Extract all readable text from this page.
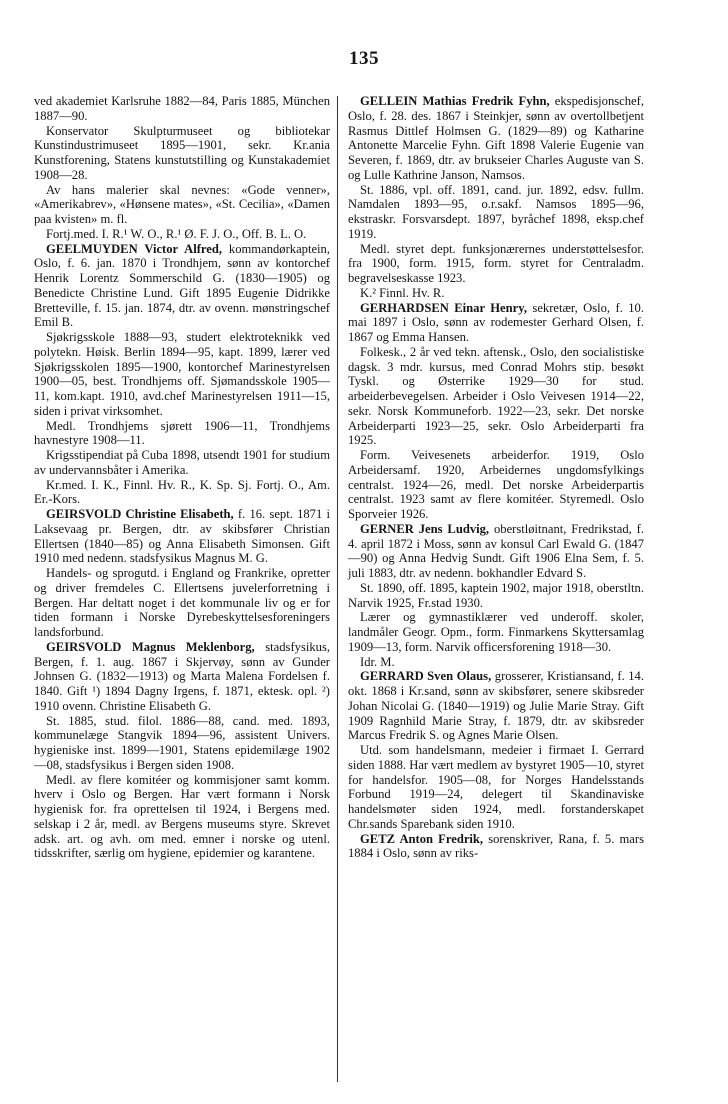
135

ved akademiet Karlsruhe 1882—84, Paris 1885, München 1887—90.

Konservator Skulpturmuseet og bibliotekar Kunstindustrimuseet 1895—1901, sekr. Kr.ania Kunstforening, Statens kunstutstilling og Kunstakademiet 1908—28.

Av hans malerier skal nevnes: «Gode venner», «Amerikabrev», «Hønsene mates», «St. Cecilia», «Damen paa kvisten» m. fl.

Fortj.med. I. R.¹ W. O., R.¹ Ø. F. J. O., Off. B. L. O.

GEELMUYDEN Victor Alfred, kommandørkaptein, Oslo, f. 6. jan. 1870 i Trondhjem, sønn av kontorchef Henrik Lorentz Sommerschild G. (1830—1905) og Benedicte Christine Lund. Gift 1895 Eugenie Didrikke Bretteville, f. 15. jan. 1874, dtr. av ovenn. mønstringschef Emil B.

Sjøkrigsskole 1888—93, studert elektroteknikk ved polytekn. Høisk. Berlin 1894—95, kapt. 1899, lærer ved Sjøkrigsskolen 1895—1900, kontorchef Marinestyrelsen 1900—05, best. Trondhjems off. Sjømandsskole 1905—11, kom.kapt. 1910, avd.chef Marinestyrelsen 1911—15, siden i privat virksomhet.

Medl. Trondhjems sjørett 1906—11, Trondhjems havnestyre 1908—11.

Krigsstipendiat på Cuba 1898, utsendt 1901 for studium av undervannsbåter i Amerika.

Kr.med. I. K., Finnl. Hv. R., K. Sp. Sj. Fortj. O., Am. Er.-Kors.

GEIRSVOLD Christine Elisabeth, f. 16. sept. 1871 i Laksevaag pr. Bergen, dtr. av skibsfører Christian Ellertsen (1840—85) og Anna Elisabeth Simonsen. Gift 1910 med nedenn. stadsfysikus Magnus M. G.

Handels- og sprogutd. i England og Frankrike, opretter og driver fremdeles C. Ellertsens juvelerforretning i Bergen. Har deltatt noget i det kommunale liv og er for tiden formann i Norske Dyrebeskyttelsesforeningers landsforbund.

GEIRSVOLD Magnus Meklenborg, stadsfysikus, Bergen, f. 1. aug. 1867 i Skjervøy, sønn av Gunder Johnsen G. (1832—1913) og Marta Malena Fordelsen f. 1840. Gift ¹) 1894 Dagny Irgens, f. 1871, ektesk. opl. ²) 1910 ovenn. Christine Elisabeth G.

St. 1885, stud. filol. 1886—88, cand. med. 1893, kommunelæge Stangvik 1894—96, assistent Univers. hygieniske inst. 1899—1901, Statens epidemilæge 1902—08, stadsfysikus i Bergen siden 1908.

Medl. av flere komitéer og kommisjoner samt komm. hverv i Oslo og Bergen. Har vært formann i Norsk hygienisk for. fra oprettelsen til 1924, i Bergens med. selskap i 2 år, medl. av Bergens museums styre. Skrevet adsk. art. og avh. om med. emner i norske og utenl. tidsskrifter, særlig om hygiene, epidemier og karantene.

GELLEIN Mathias Fredrik Fyhn, ekspedisjonschef, Oslo, f. 28. des. 1867 i Steinkjer, sønn av overtollbetjent Rasmus Dittlef Holmsen G. (1829—89) og Katharine Antonette Marcelie Fyhn. Gift 1898 Valerie Eugenie van Severen, f. 1869, dtr. av brukseier Charles Auguste van S. og Lulle Kathrine Janson, Namsos.

St. 1886, vpl. off. 1891, cand. jur. 1892, edsv. fullm. Namdalen 1893—95, o.r.sakf. Namsos 1895—96, ekstraskr. Forsvarsdept. 1897, byråchef 1898, eksp.chef 1919.

Medl. styret dept. funksjonærernes understøttelsesfor. fra 1900, form. 1915, form. styret for Centraladm. begravelseskasse 1923.

K.² Finnl. Hv. R.

GERHARDSEN Einar Henry, sekretær, Oslo, f. 10. mai 1897 i Oslo, sønn av rodemester Gerhard Olsen, f. 1867 og Emma Hansen.

Folkesk., 2 år ved tekn. aftensk., Oslo, den socialistiske dagsk. 3 mdr. kursus, med Conrad Mohrs stip. besøkt Tyskl. og Østerrike 1929—30 for stud. arbeiderbevegelsen. Arbeider i Oslo Veivesen 1914—22, sekr. Norsk Kommuneforb. 1922—23, sekr. Det norske Arbeiderparti 1923—25, sekr. Oslo Arbeiderparti fra 1925.

Form. Veivesenets arbeiderfor. 1919, Oslo Arbeidersamf. 1920, Arbeidernes ungdomsfylkings centralst. 1924—26, medl. Det norske Arbeiderpartis centralst. 1923 samt av flere komitéer. Styremedl. Oslo Sporveier 1926.

GERNER Jens Ludvig, oberstløitnant, Fredrikstad, f. 4. april 1872 i Moss, sønn av konsul Carl Ewald G. (1847—90) og Anna Hedvig Sundt. Gift 1906 Elna Sem, f. 5. juli 1883, dtr. av nedenn. bokhandler Edvard S.

St. 1890, off. 1895, kaptein 1902, major 1918, oberstltn. Narvik 1925, Fr.stad 1930.

Lærer og gymnastiklærer ved underoff. skoler, landmåler Geogr. Opm., form. Finmarkens Skyttersamlag 1909—13, form. Narvik officersforening 1918—30.

Idr. M.

GERRARD Sven Olaus, grosserer, Kristiansand, f. 14. okt. 1868 i Kr.sand, sønn av skibsfører, senere skibsreder Johan Nicolai G. (1840—1919) og Julie Marie Stray. Gift 1909 Ragnhild Marie Stray, f. 1879, dtr. av skibsreder Marcus Fredrik S. og Agnes Marie Olsen.

Utd. som handelsmann, medeier i firmaet I. Gerrard siden 1888. Har vært medlem av bystyret 1905—10, styret for handelsfor. 1905—08, for Norges Handelsstands Forbund 1919—24, delegert til Skandinaviske handelsmøter siden 1924, medl. forstanderskapet Chr.sands Sparebank siden 1910.

GETZ Anton Fredrik, sorenskriver, Rana, f. 5. mars 1884 i Oslo, sønn av riks-
